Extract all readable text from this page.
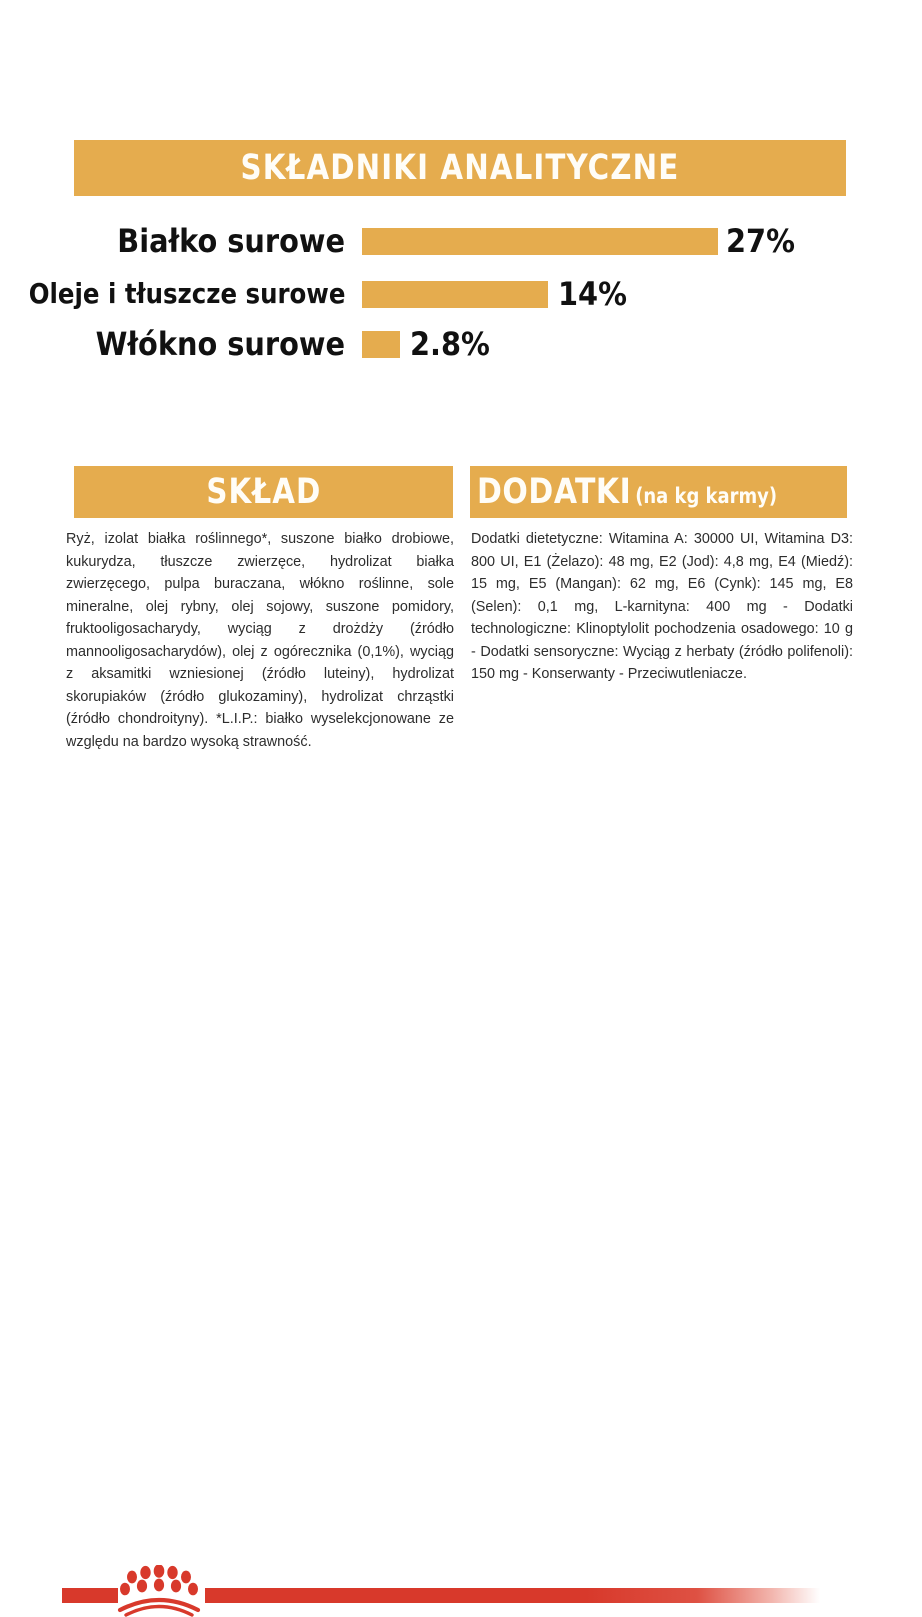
SKŁADNIKI ANALITYCZNE
Białko surowe	27%
Oleje i tłuszcze surowe	14%
Włókno surowe 2.8%
SKŁAD
Ryż, izolat białka roślinnego*, suszone białko drobiowe, kukurydza, tłuszcze zwierzęce, hydrolizat białka zwierzęcego, pulpa buraczana, włókno roślinne, sole mineralne, olej rybny, olej sojowy, suszone pomidory, fruktooligosacharydy, wyciąg z drożdży (źródło mannooligosacharydów), olej z ogórecznika (0,1%), wyciąg z aksamitki wzniesionej (źródło luteiny), hydrolizat skorupiaków (źródło glukozaminy), hydrolizat chrząstki (źródło chondroityny). *L.I.P.: białko wyselekcjonowane ze względu na bardzo wysoką strawność.
DODATKI (na kg karmy)
Dodatki dietetyczne: Witamina A: 30000 UI, Witamina D3: 800 UI, E1 (Żelazo): 48 mg, E2 (Jod): 4,8 mg, E4 (Miedź): 15 mg, E5 (Mangan): 62 mg, E6 (Cynk): 145 mg, E8 (Selen): 0,1 mg, L-karnityna: 400 mg - Dodatki technologiczne: Klinoptylolit pochodzenia osadowego: 10 g - Dodatki sensoryczne: Wyciąg z herbaty (źródło polifenoli): 150 mg - Konserwanty - Przeciwutleniacze.
